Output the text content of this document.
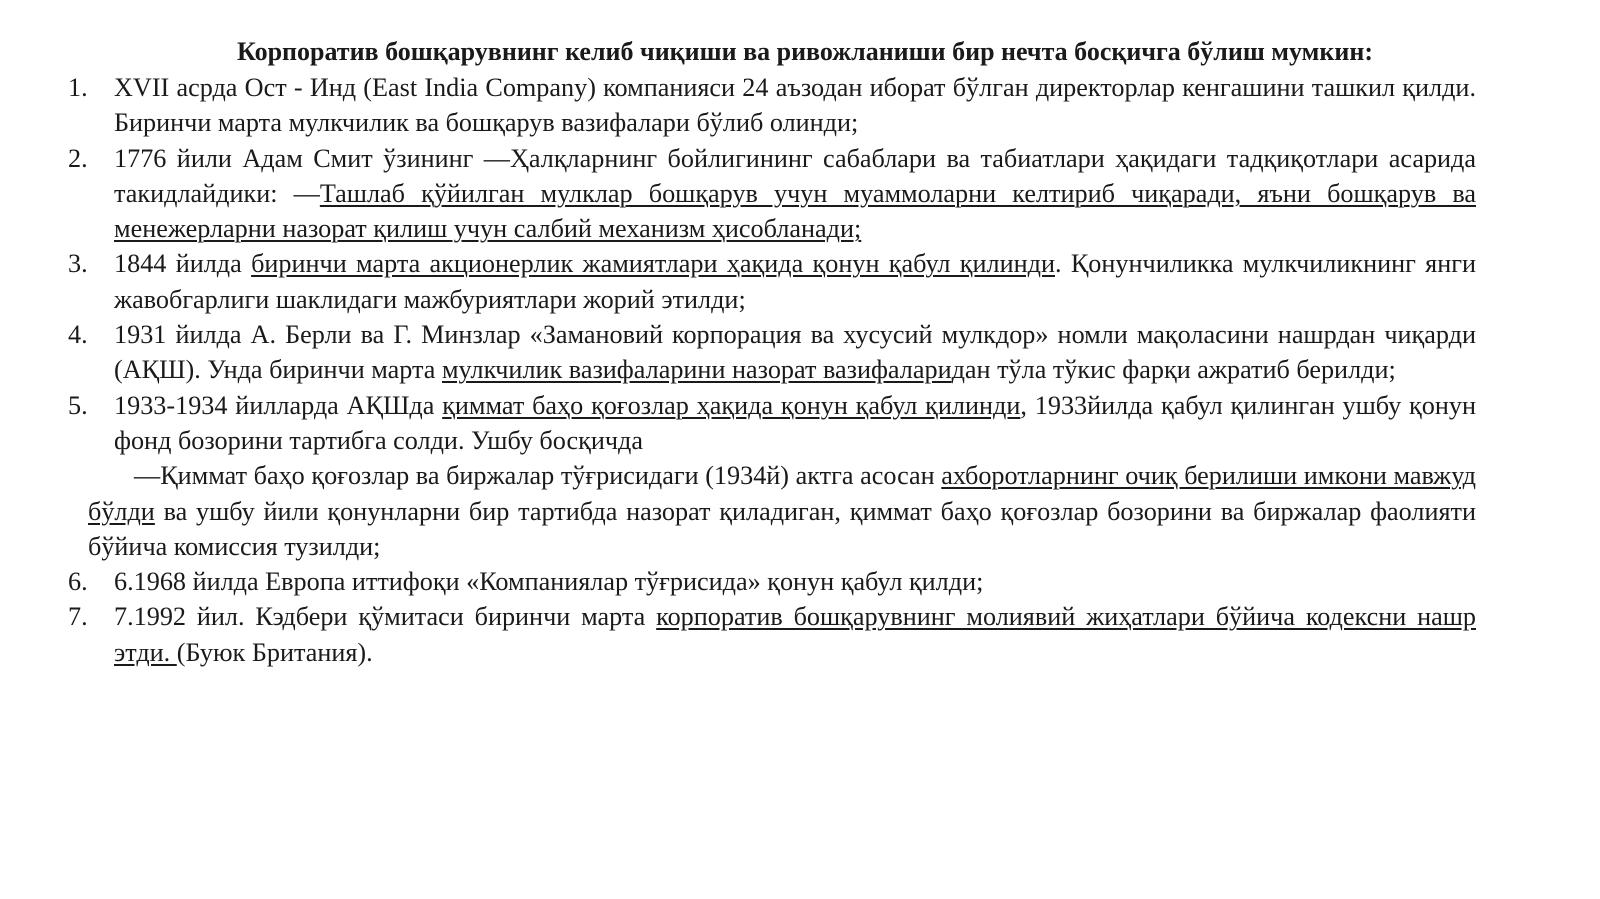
Корпоратив бошқарувнинг келиб чиқиши ва ривожланиши бир нечта босқичга бўлиш мумкин:
1.	XVII асрда Ост - Инд (East India Company) компанияси 24 аъзодан иборат бўлган директорлар кенгашини ташкил қилди. Биринчи марта мулкчилик ва бошқарув вазифалари бўлиб олинди;

2.	1776 йили Адам Смит ўзининг ―Ҳалқларнинг бойлигининг сабаблари ва табиатлари ҳақидаги тадқиқотлари асарида такидлайдики: ―Ташлаб қўйилган мулклар бошқарув учун муаммоларни келтириб чиқаради, яъни бошқарув ва менежерларни назорат қилиш учун салбий механизм ҳисобланади;

3.	1844 йилда биринчи марта акционерлик жамиятлари ҳақида қонун қабул қилинди. Қонунчиликка мулкчиликнинг янги жавобгарлиги шаклидаги мажбуриятлари жорий этилди;

4.	1931 йилда А. Берли ва Г. Минзлар «Замановий корпорация ва хусусий мулкдор» номли мақоласини нашрдан чиқарди (АҚШ). Унда биринчи марта мулкчилик вазифаларини назорат вазифаларидан тўла тўкис фарқи ажратиб берилди;

5.	1933-1934 йилларда АҚШда қиммат баҳо қоғозлар ҳақида қонун қабул қилинди, 1933йилда қабул қилинган ушбу қонун фонд бозорини тартибга солди. Ушбу босқичда

―Қиммат баҳо қоғозлар ва биржалар тўғрисидаги (1934й) актга асосан ахборотларнинг очиқ берилиши имкони мавжуд бўлди ва ушбу йили қонунларни бир тартибда назорат қиладиган, қиммат баҳо қоғозлар бозорини ва биржалар фаолияти бўйича комиссия тузилди;

6.	6.1968 йилда Европа иттифоқи «Компаниялар тўғрисида» қонун қабул қилди;

7.	7.1992 йил. Кэдбери қўмитаси биринчи марта корпоратив бошқарувнинг молиявий жиҳатлари бўйича кодексни нашр этди. (Буюк Британия).
